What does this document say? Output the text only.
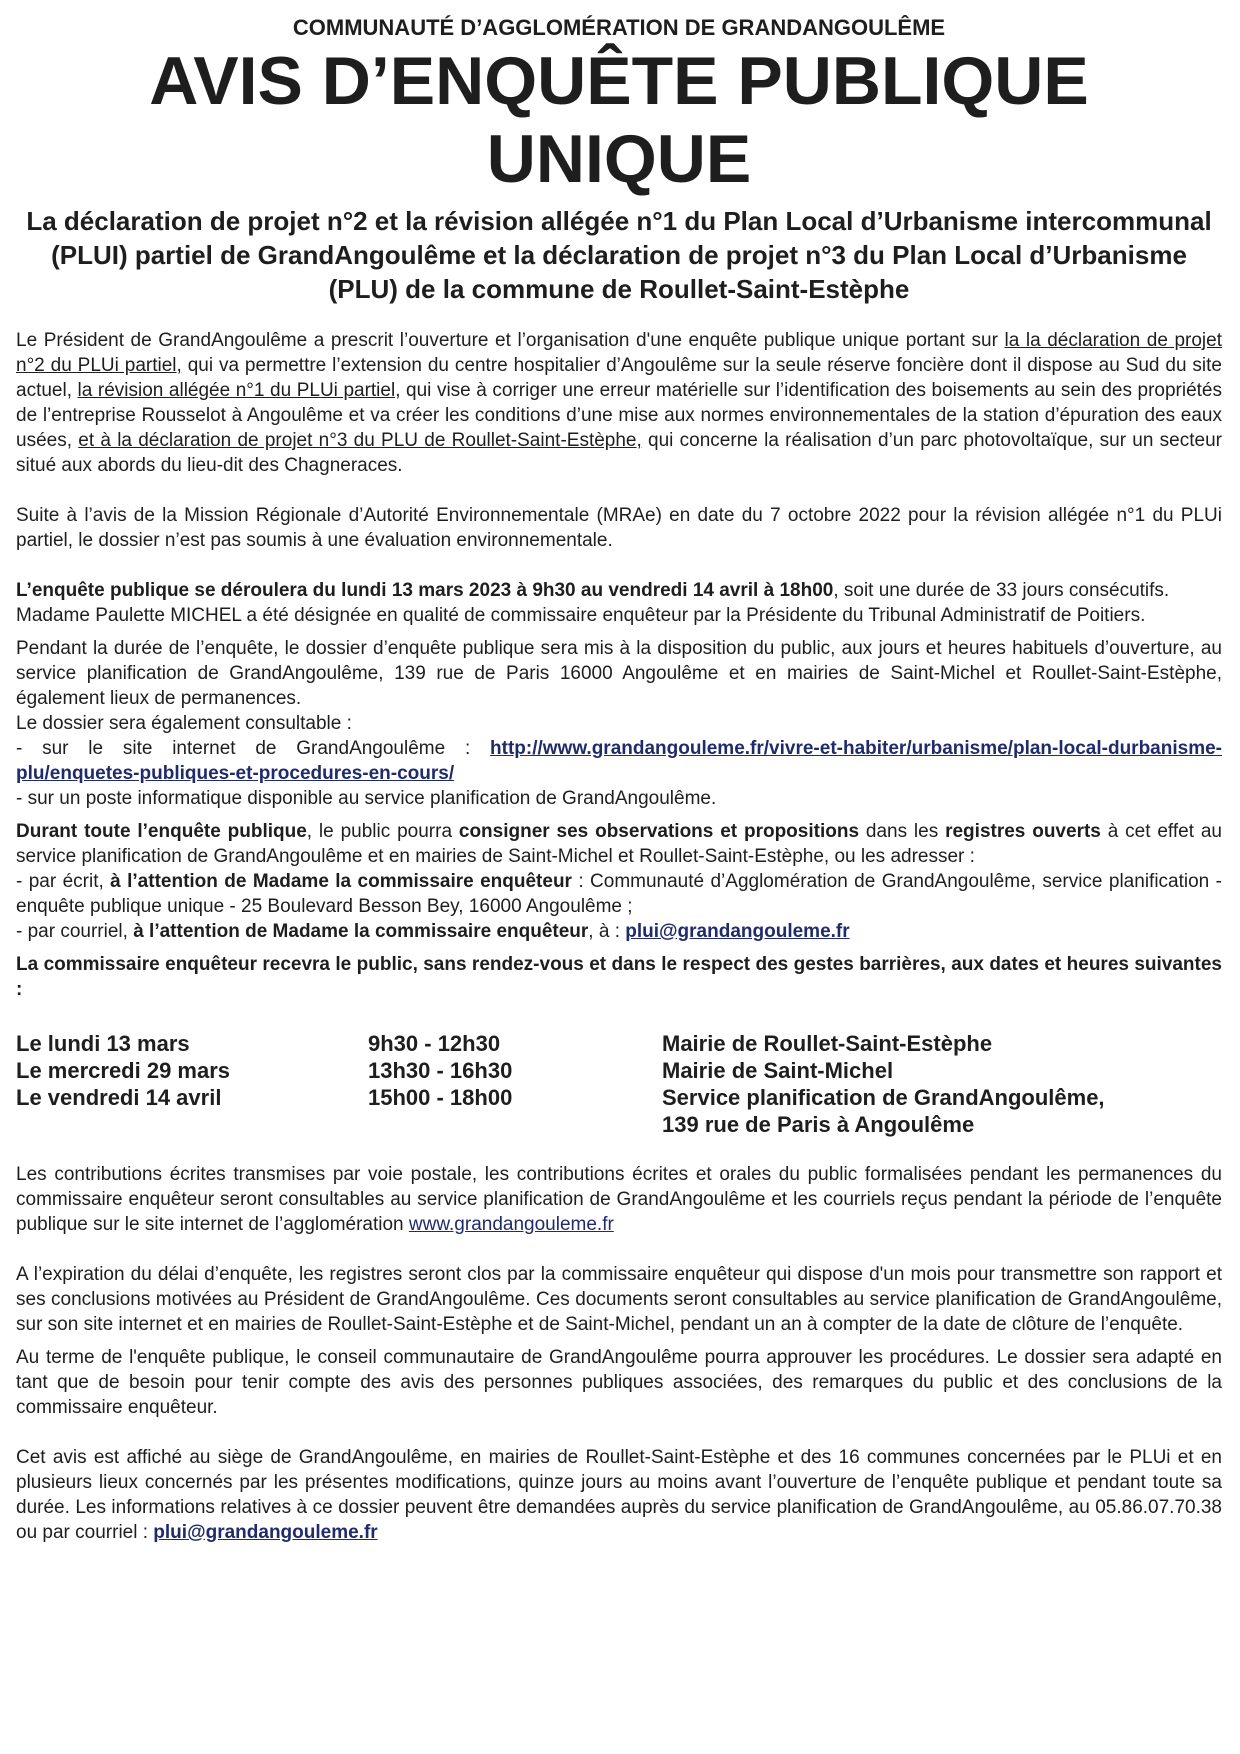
COMMUNAUTÉ D’AGGLOMÉRATION DE GRANDANGOULÊME
AVIS D’ENQUÊTE PUBLIQUE
UNIQUE
La déclaration de projet n°2 et la révision allégée n°1 du Plan Local d’Urbanisme intercommunal (PLUI) partiel de GrandAngoulême et la déclaration de projet n°3 du Plan Local d’Urbanisme (PLU) de la commune de Roullet-Saint-Estèphe

Le Président de GrandAngoulême a prescrit l’ouverture et l’organisation d'une enquête publique unique portant sur la la déclaration de projet n°2 du PLUi partiel, qui va permettre l’extension du centre hospitalier d’Angoulême sur la seule réserve foncière dont il dispose au Sud du site actuel, la révision allégée n°1 du PLUi partiel, qui vise à corriger une erreur matérielle sur l’identification des boisements au sein des propriétés de l’entreprise Rousselot à Angoulême et va créer les conditions d’une mise aux normes environnementales de la station d’épuration des eaux usées, et à la déclaration de projet n°3 du PLU de Roullet-Saint-Estèphe, qui concerne la réalisation d’un parc photovoltaïque, sur un secteur situé aux abords du lieu-dit des Chagneraces.

Suite à l’avis de la Mission Régionale d’Autorité Environnementale (MRAe) en date du 7 octobre 2022 pour la révision allégée n°1 du PLUi partiel, le dossier n’est pas soumis à une évaluation environnementale.

L’enquête publique se déroulera du lundi 13 mars 2023 à 9h30 au vendredi 14 avril à 18h00, soit une durée de 33 jours consécutifs.

Madame Paulette MICHEL a été désignée en qualité de commissaire enquêteur par la Présidente du Tribunal Administratif de Poitiers.

Pendant la durée de l’enquête, le dossier d’enquête publique sera mis à la disposition du public, aux jours et heures habituels d’ouverture, au service planification de GrandAngoulême, 139 rue de Paris 16000 Angoulême et en mairies de Saint-Michel et Roullet-Saint-Estèphe, également lieux de permanences.
Le dossier sera également consultable :
- sur le site internet de GrandAngoulême : http://www.grandangouleme.fr/vivre-et-habiter/urbanisme/plan-local-durbanisme-plu/enquetes-publiques-et-procedures-en-cours/
- sur un poste informatique disponible au service planification de GrandAngoulême.

Durant toute l’enquête publique, le public pourra consigner ses observations et propositions dans les registres ouverts à cet effet au service planification de GrandAngoulême et en mairies de Saint-Michel et Roullet-Saint-Estèphe, ou les adresser :
- par écrit, à l’attention de Madame la commissaire enquêteur : Communauté d’Agglomération de GrandAngoulême, service planification - enquête publique unique - 25 Boulevard Besson Bey, 16000 Angoulême ;
- par courriel, à l’attention de Madame la commissaire enquêteur, à : plui@grandangouleme.fr

La commissaire enquêteur recevra le public, sans rendez-vous et dans le respect des gestes barrières, aux dates et heures suivantes :

Le lundi 13 mars	9h30 - 12h30	Mairie de Roullet-Saint-Estèphe
Le mercredi 29 mars	13h30 - 16h30	Mairie de Saint-Michel
Le vendredi 14 avril	15h00 - 18h00	Service planification de GrandAngoulême,
139 rue de Paris à Angoulême

Les contributions écrites transmises par voie postale, les contributions écrites et orales du public formalisées pendant les permanences du commissaire enquêteur seront consultables au service planification de GrandAngoulême et les courriels reçus pendant la période de l’enquête publique sur le site internet de l’agglomération www.grandangouleme.fr

A l’expiration du délai d’enquête, les registres seront clos par la commissaire enquêteur qui dispose d'un mois pour transmettre son rapport et ses conclusions motivées au Président de GrandAngoulême. Ces documents seront consultables au service planification de GrandAngoulême, sur son site internet et en mairies de Roullet-Saint-Estèphe et de Saint-Michel, pendant un an à compter de la date de clôture de l’enquête.

Au terme de l'enquête publique, le conseil communautaire de GrandAngoulême pourra approuver les procédures. Le dossier sera adapté en tant que de besoin pour tenir compte des avis des personnes publiques associées, des remarques du public et des conclusions de la commissaire enquêteur.

Cet avis est affiché au siège de GrandAngoulême, en mairies de Roullet-Saint-Estèphe et des 16 communes concernées par le PLUi et en plusieurs lieux concernés par les présentes modifications, quinze jours au moins avant l’ouverture de l’enquête publique et pendant toute sa durée. Les informations relatives à ce dossier peuvent être demandées auprès du service planification de GrandAngoulême, au 05.86.07.70.38 ou par courriel : plui@grandangouleme.fr
